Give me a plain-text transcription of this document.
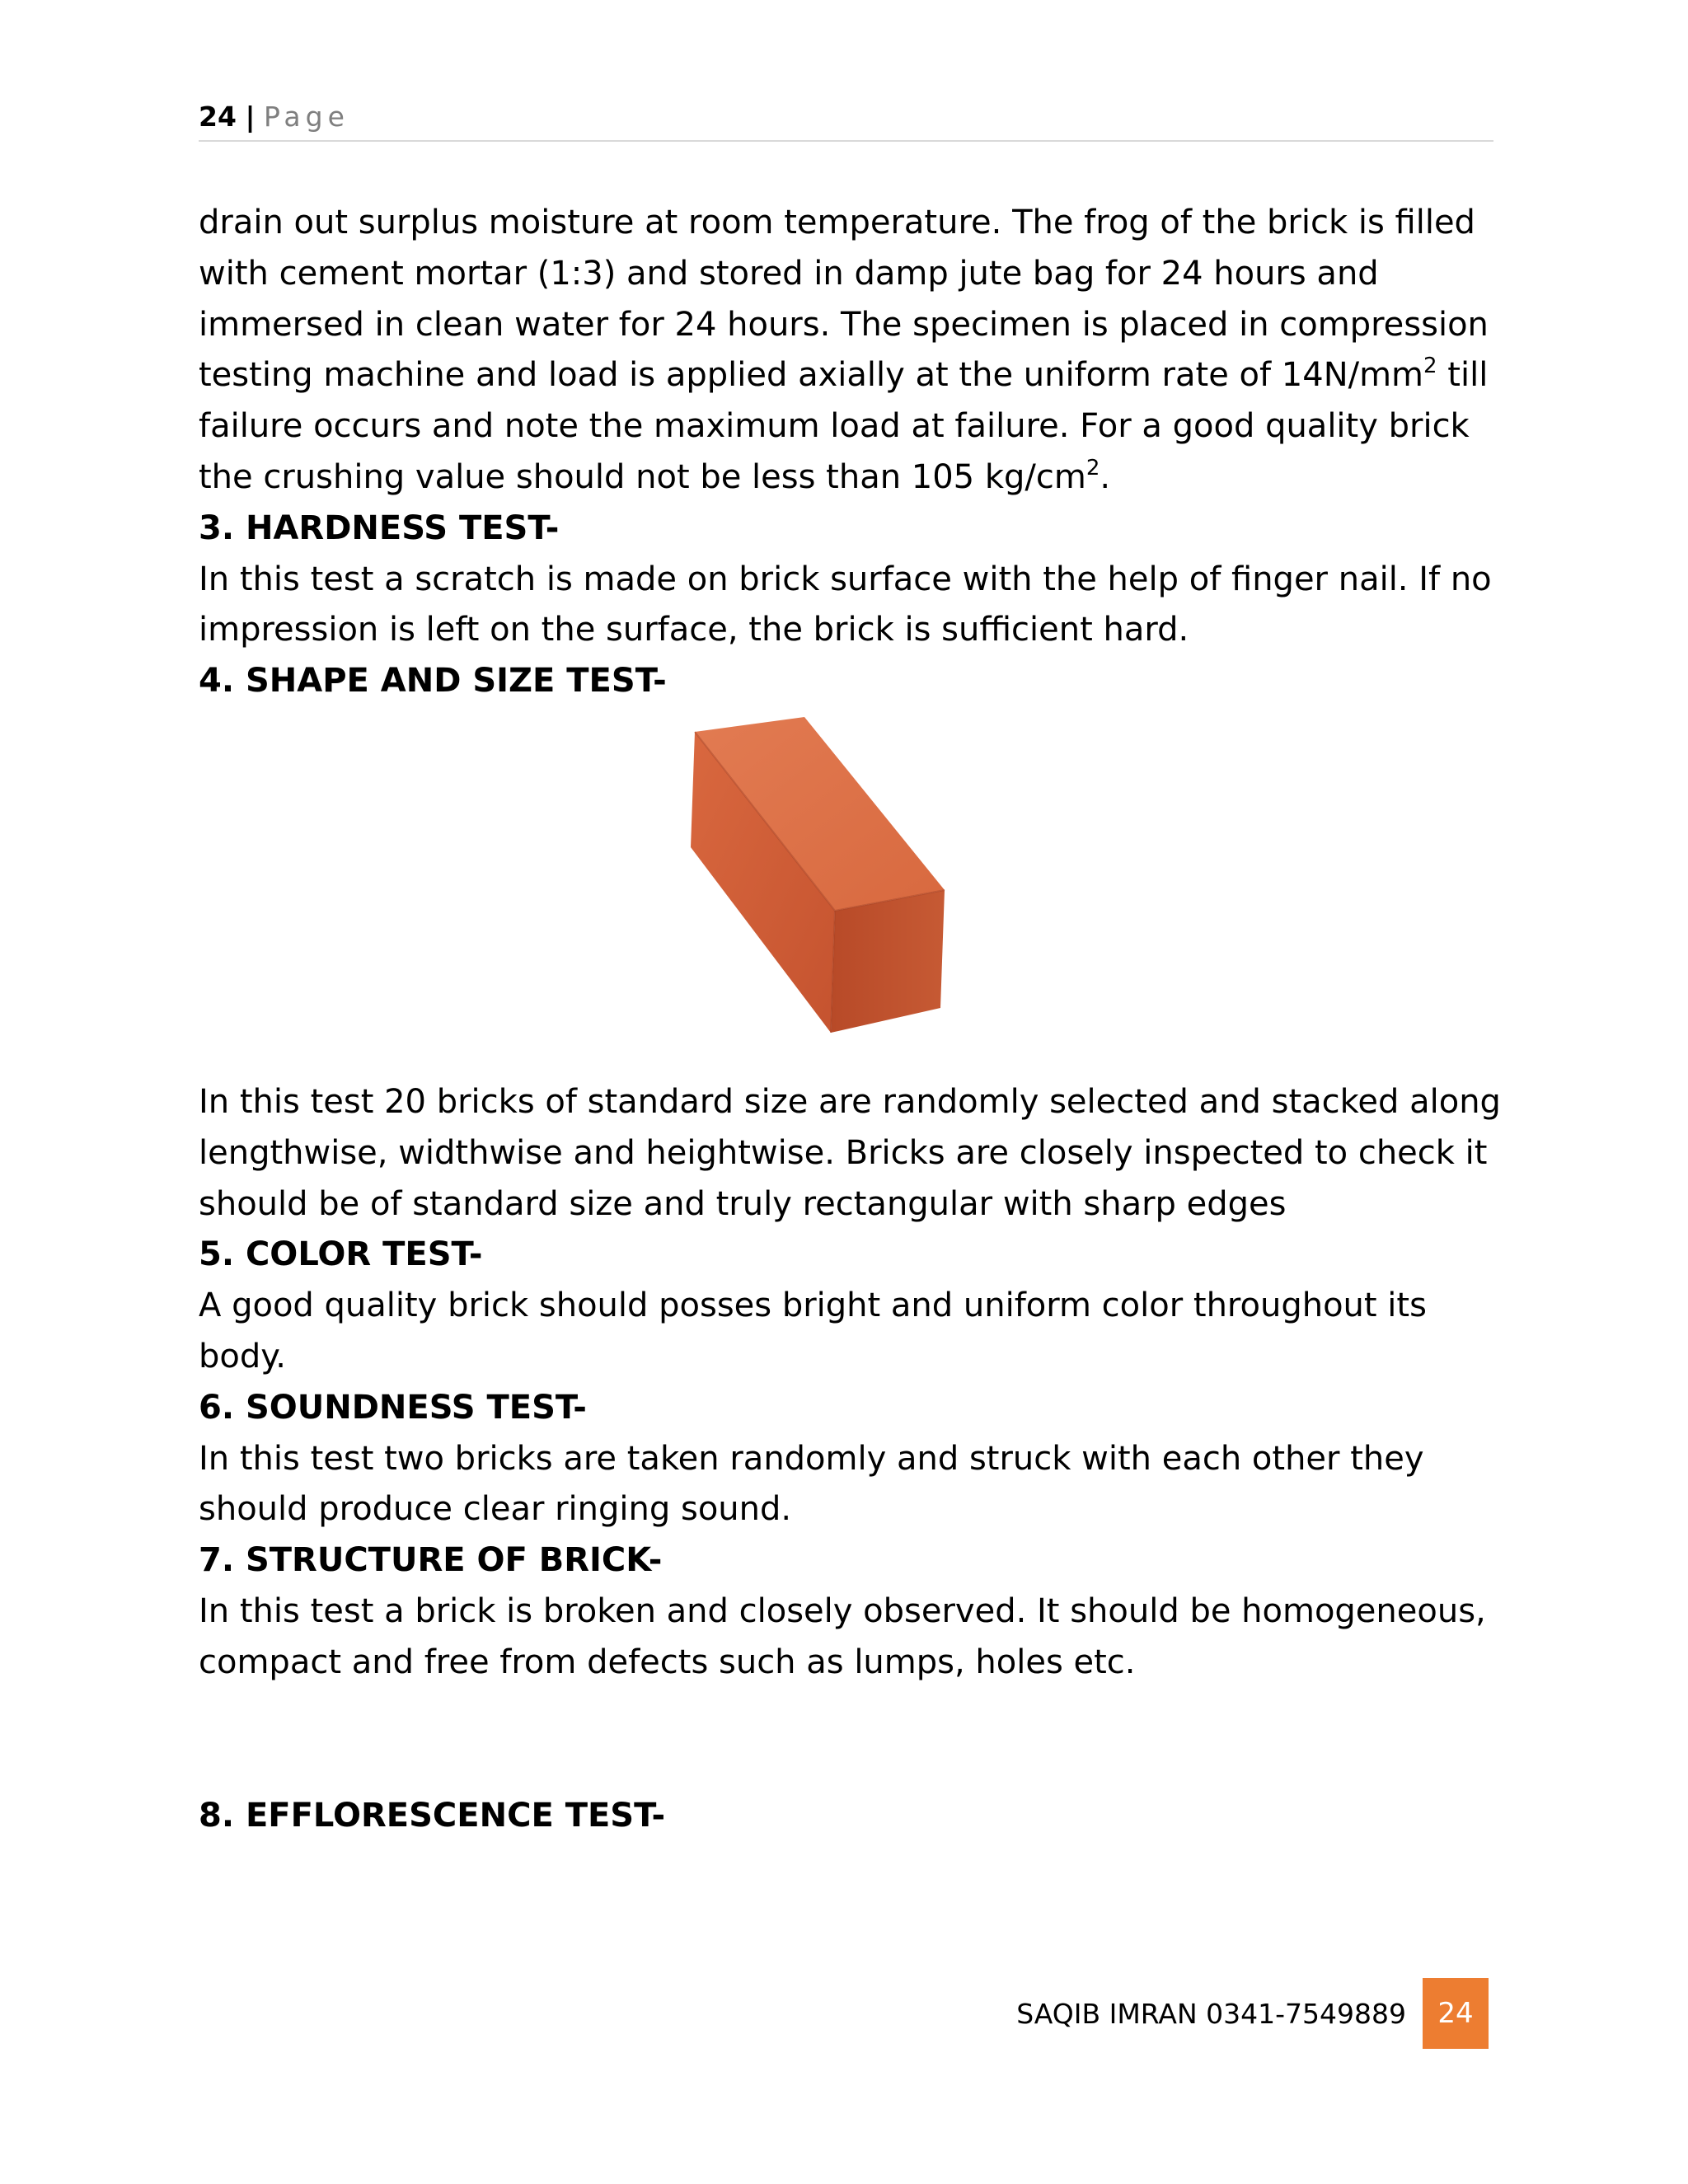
24 | Page

drain out surplus moisture at room temperature. The frog of the brick is filled with cement mortar (1:3) and stored in damp jute bag for 24 hours and immersed in clean water for 24 hours. The specimen is placed in compression testing machine and load is applied axially at the uniform rate of $14N/mm^2$ till failure occurs and note the maximum load at failure. For a good quality brick the crushing value should not be less than 105 $kg/cm^2$.

3. HARDNESS TEST-

In this test a scratch is made on brick surface with the help of finger nail. If no impression is left on the surface, the brick is sufficient hard.

4. SHAPE AND SIZE TEST-

In this test 20 bricks of standard size are randomly selected and stacked along lengthwise, widthwise and heightwise. Bricks are closely inspected to check it should be of standard size and truly rectangular with sharp edges

5. COLOR TEST-

A good quality brick should posses bright and uniform color throughout its body.

6. SOUNDNESS TEST-

In this test two bricks are taken randomly and struck with each other they should produce clear ringing sound.

7. STRUCTURE OF BRICK-

In this test a brick is broken and closely observed. It should be homogeneous, compact and free from defects such as lumps, holes etc.

8. EFFLORESCENCE TEST-
SAQIB IMRAN 0341-7549889	24
